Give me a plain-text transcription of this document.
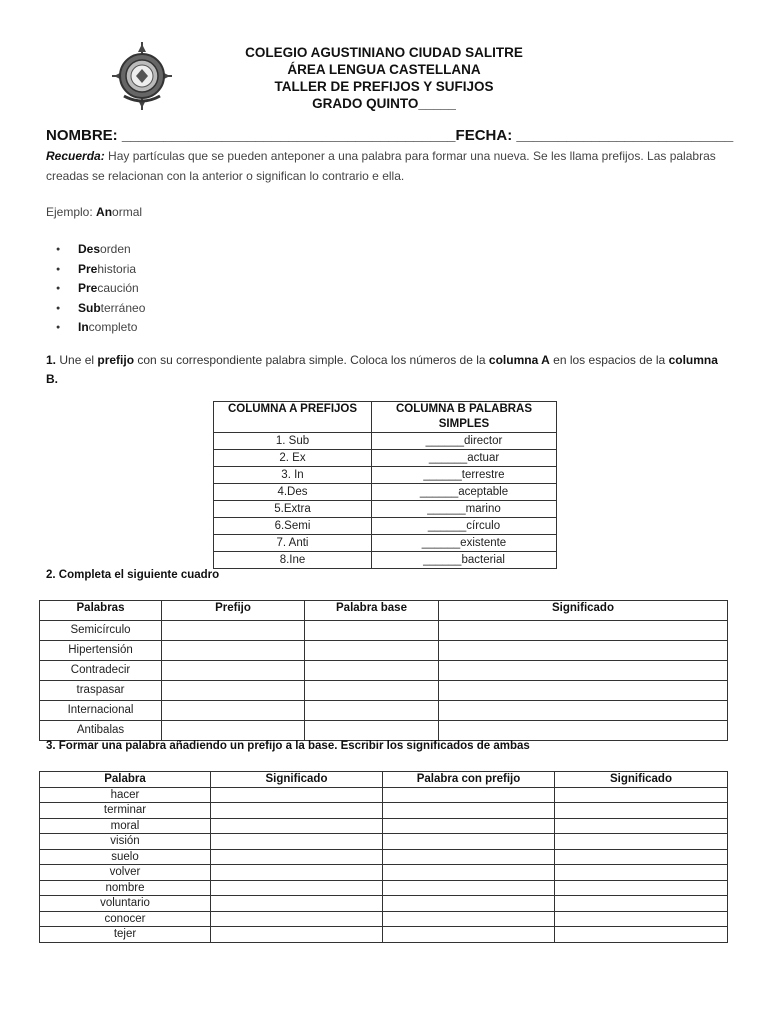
COLEGIO AGUSTINIANO CIUDAD SALITRE
ÁREA LENGUA CASTELLANA
TALLER DE PREFIJOS Y SUFIJOS
GRADO QUINTO_____
NOMBRE: ________________________________________FECHA: __________________________
Recuerda: Hay partículas que se pueden anteponer a una palabra para formar una nueva. Se les llama prefijos. Las palabras creadas se relacionan con la anterior o significan lo contrario e ella.
Ejemplo: Anormal
● Desorden
● Prehistoria
● Precaución
● Subterráneo
● Incompleto
1. Une el prefijo con su correspondiente palabra simple. Coloca los números de la columna A en los espacios de la columna B.
COLUMNA A PREFIJOS	COLUMNA B PALABRAS SIMPLES
1. Sub	______director
2. Ex	______actuar
3. In	______terrestre
4.Des	______aceptable
5.Extra	______marino
6.Semi	______círculo
7. Anti	______existente
8.Ine	______bacterial
2. Completa el siguiente cuadro
Palabras	Prefijo	Palabra base	Significado
Semicírculo			
Hipertensión			
Contradecir			
traspasar			
Internacional			
Antibalas			
3. Formar una palabra añadiendo un prefijo a la base. Escribir los significados de ambas
Palabra	Significado	Palabra con prefijo	Significado
hacer			
terminar			
moral			
visión			
suelo			
volver			
nombre			
voluntario			
conocer			
tejer			
